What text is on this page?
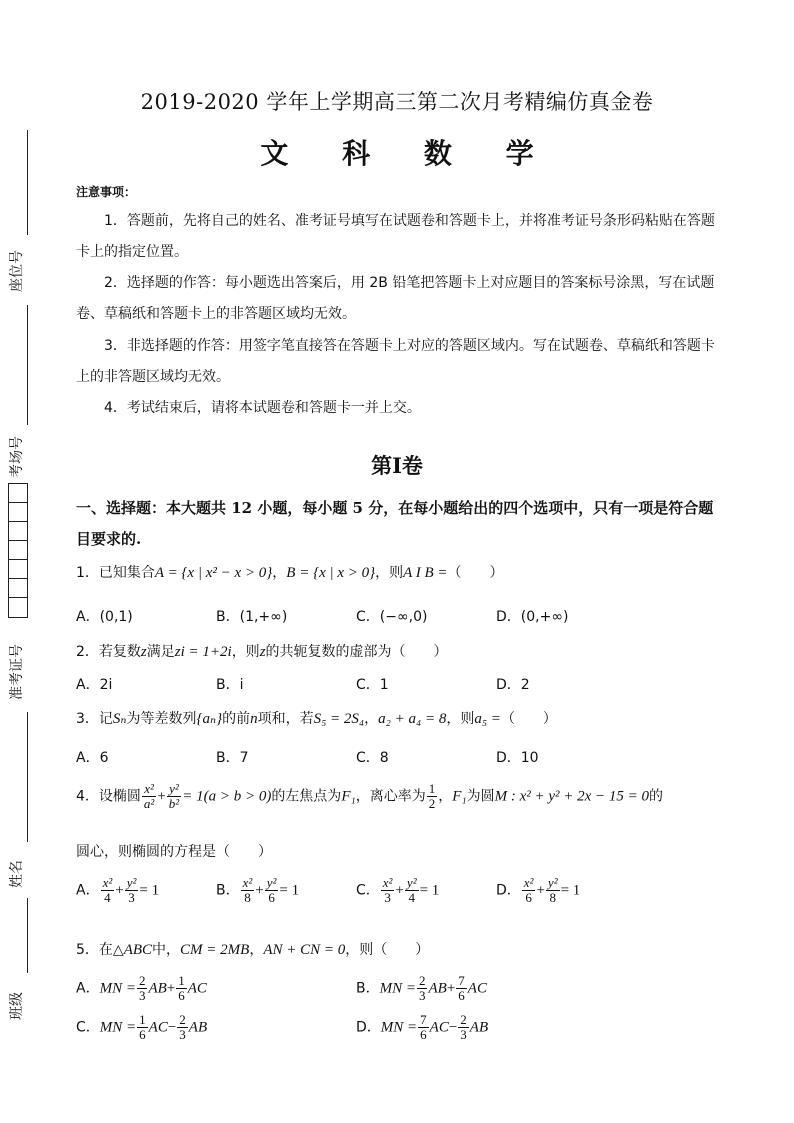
座位号
考场号
准考证号
姓名
班级
2019-2020 学年上学期高三第二次月考精编仿真金卷
文 科 数 学
注意事项：
1．答题前，先将自己的姓名、准考证号填写在试题卷和答题卡上，并将准考证号条形码粘贴在答题卡上的指定位置。
2．选择题的作答：每小题选出答案后，用 2B 铅笔把答题卡上对应题目的答案标号涂黑，写在试题卷、草稿纸和答题卡上的非答题区域均无效。
3．非选择题的作答：用签字笔直接答在答题卡上对应的答题区域内。写在试题卷、草稿纸和答题卡上的非答题区域均无效。
4．考试结束后，请将本试题卷和答题卡一并上交。
第Ⅰ卷
一、选择题：本大题共 12 小题，每小题 5 分，在每小题给出的四个选项中，只有一项是符合题目要求的.
1．已知集合A = {x | x² − x > 0}，B = {x | x > 0}，则A I B =（　　）
A．(0,1)	B．(1,+∞)	C．(−∞,0)	D．(0,+∞)
2．若复数z满足zi = 1+2i，则z的共轭复数的虚部为（　　）
A．2i	B．i	C．1	D．2
3．记Sₙ为等差数列{aₙ}的前n项和，若S₅ = 2S₄，a₂ + a₄ = 8，则a₅ =（　　）
A．6	B．7	C．8	D．10
4．设椭圆 $\frac{\text{x²}}{\text{a²}} + \frac{\text{y²}}{\text{b²}} = 1(a > b > 0)$的左焦点为F₁，离心率为 $\frac{1}{2}$ ，F₁为圆M : x² + y² + 2x − 15 = 0的
圆心，则椭圆的方程是（　　）
A． $\frac{\text{x²}}{4} + \frac{\text{y²}}{3} = 1$	B． $\frac{\text{x²}}{8} + \frac{\text{y²}}{6} = 1$	C． $\frac{\text{x²}}{3} + \frac{\text{y²}}{4} = 1$	D． $\frac{\text{x²}}{6} + \frac{\text{y²}}{8} = 1$
5．在△ABC中，CM = 2MB，AN + CN = 0，则（　　）
A．MN = $\frac{2}{3} AB+ \frac{1}{6}$ AC	B．MN = $\frac{2}{3} AB+ \frac{7}{6}$ AC
C．MN = $\frac{1}{6} AC- \frac{2}{3}$ AB	D．MN = $\frac{7}{6} AC- \frac{2}{3}$ AB
